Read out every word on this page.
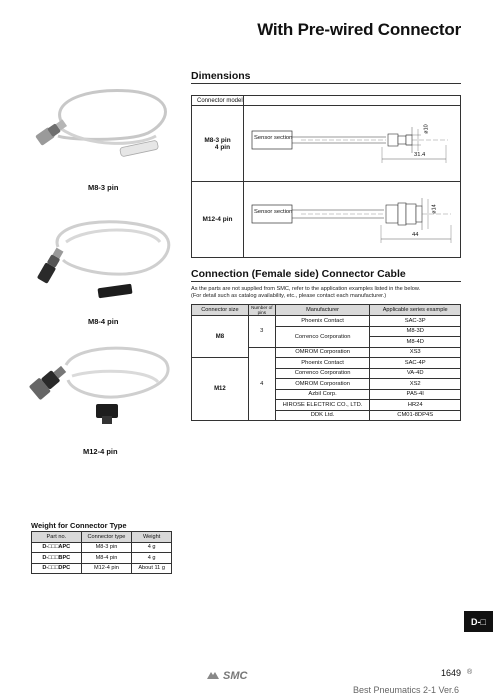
With Pre-wired Connector
M8-3 pin
M8-4 pin
M12-4 pin
Dimensions
Connector model	
M8-3 pin
4 pin	Sensor section
31.4
ø10

M12-4 pin	Sensor section
44
ø14
Connection (Female side) Connector Cable
As the parts are not supplied from SMC, refer to the application examples listed in the below.
(For detail such as catalog availability, etc., please contact each manufacturer.)
Connector size	Number of pins	Manufacturer	Applicable series example
M8	3	Phoenix Contact	SAC-3P
		Correnco Corporation	M8-3D
			M8-4D
	4	OMROM Corporation	XS3
M12		Phoenix Contact	SAC-4P
		Correnco Corporation	VA-4D
		OMROM Corporation	XS2
		Azbil Corp.	PA5-4I
		HIROSE ELECTRIC CO., LTD.	HR24
		DDK Ltd.	CM01-8DP4S
Weight for Connector Type
Part no.	Connector type	Weight
D-□□□APC	M8-3 pin	4 g
D-□□□BPC	M8-4 pin	4 g
D-□□□DPC	M12-4 pin	About 11 g
D-□
SMC	1649 ®
Best Pneumatics 2-1 Ver.6
